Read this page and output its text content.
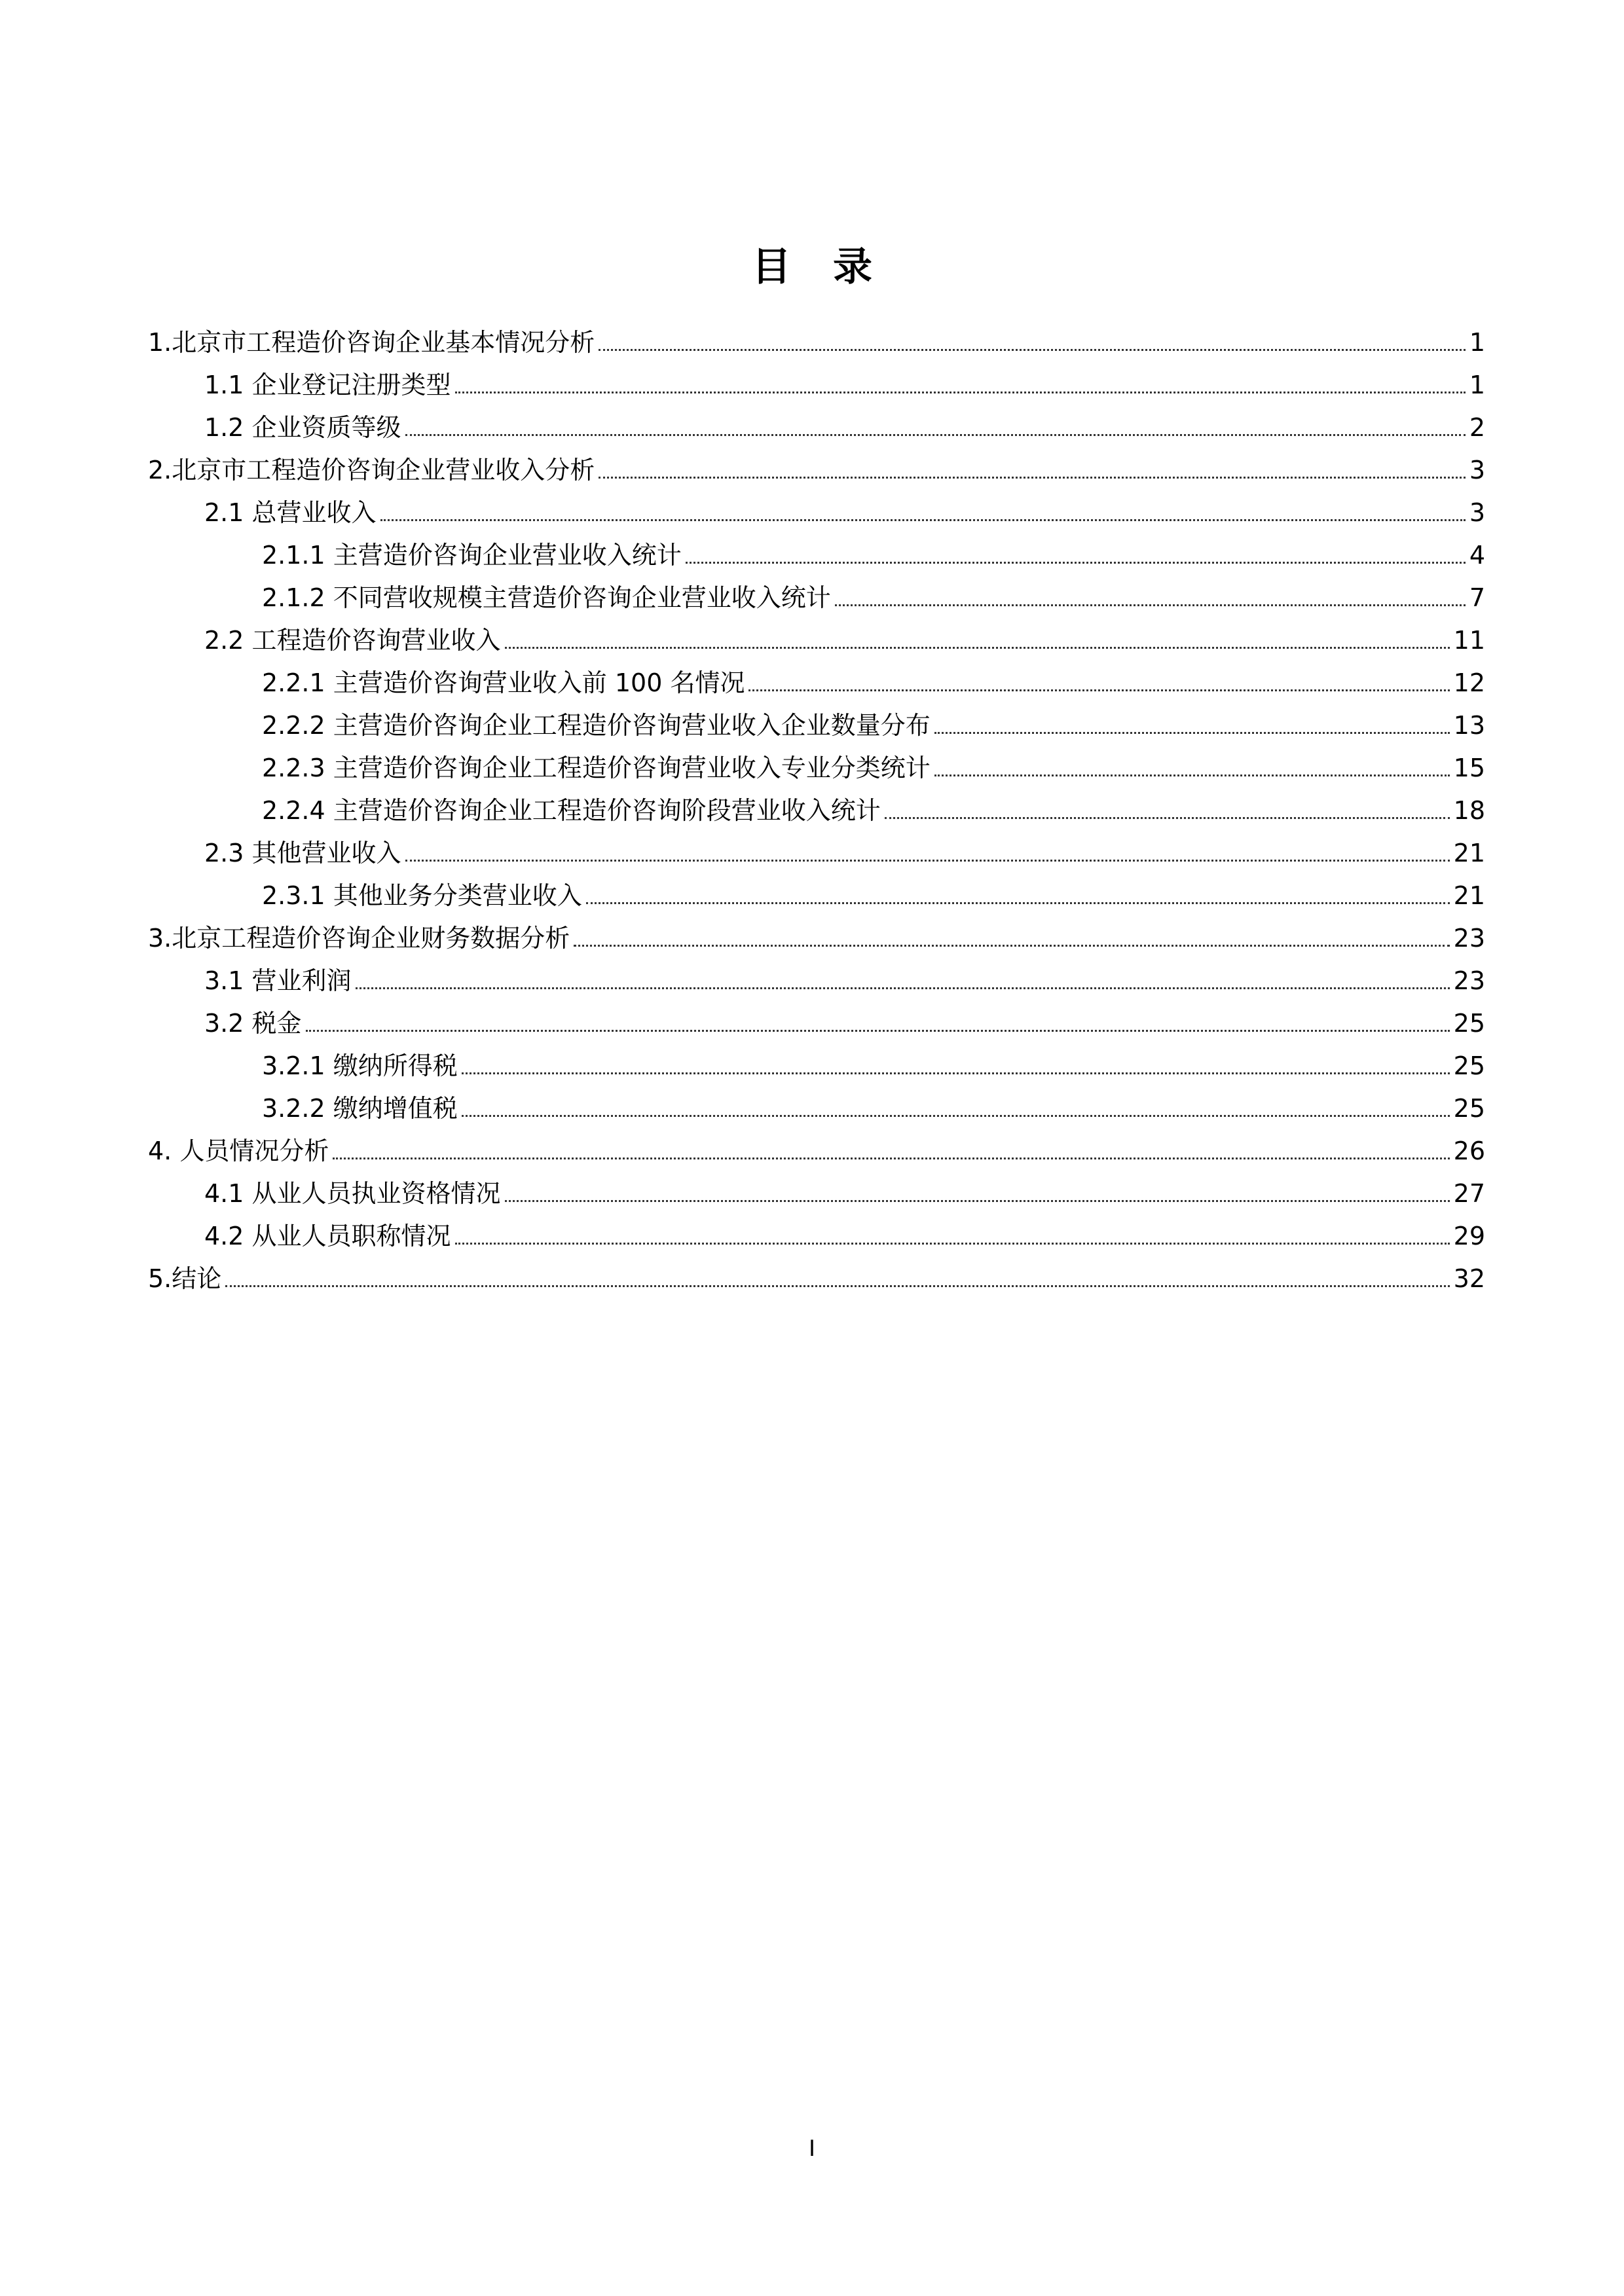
目 录
1.北京市工程造价咨询企业基本情况分析	1
1.1 企业登记注册类型	1
1.2 企业资质等级	2
2.北京市工程造价咨询企业营业收入分析	3
2.1 总营业收入	3
2.1.1 主营造价咨询企业营业收入统计	4
2.1.2 不同营收规模主营造价咨询企业营业收入统计	7
2.2 工程造价咨询营业收入	11
2.2.1 主营造价咨询营业收入前 100 名情况	12
2.2.2 主营造价咨询企业工程造价咨询营业收入企业数量分布	13
2.2.3 主营造价咨询企业工程造价咨询营业收入专业分类统计	15
2.2.4 主营造价咨询企业工程造价咨询阶段营业收入统计	18
2.3 其他营业收入	21
2.3.1 其他业务分类营业收入	21
3.北京工程造价咨询企业财务数据分析	23
3.1 营业利润	23
3.2 税金	25
3.2.1 缴纳所得税	25
3.2.2 缴纳增值税	25
4. 人员情况分析	26
4.1 从业人员执业资格情况	27
4.2 从业人员职称情况	29
5.结论	32
I
